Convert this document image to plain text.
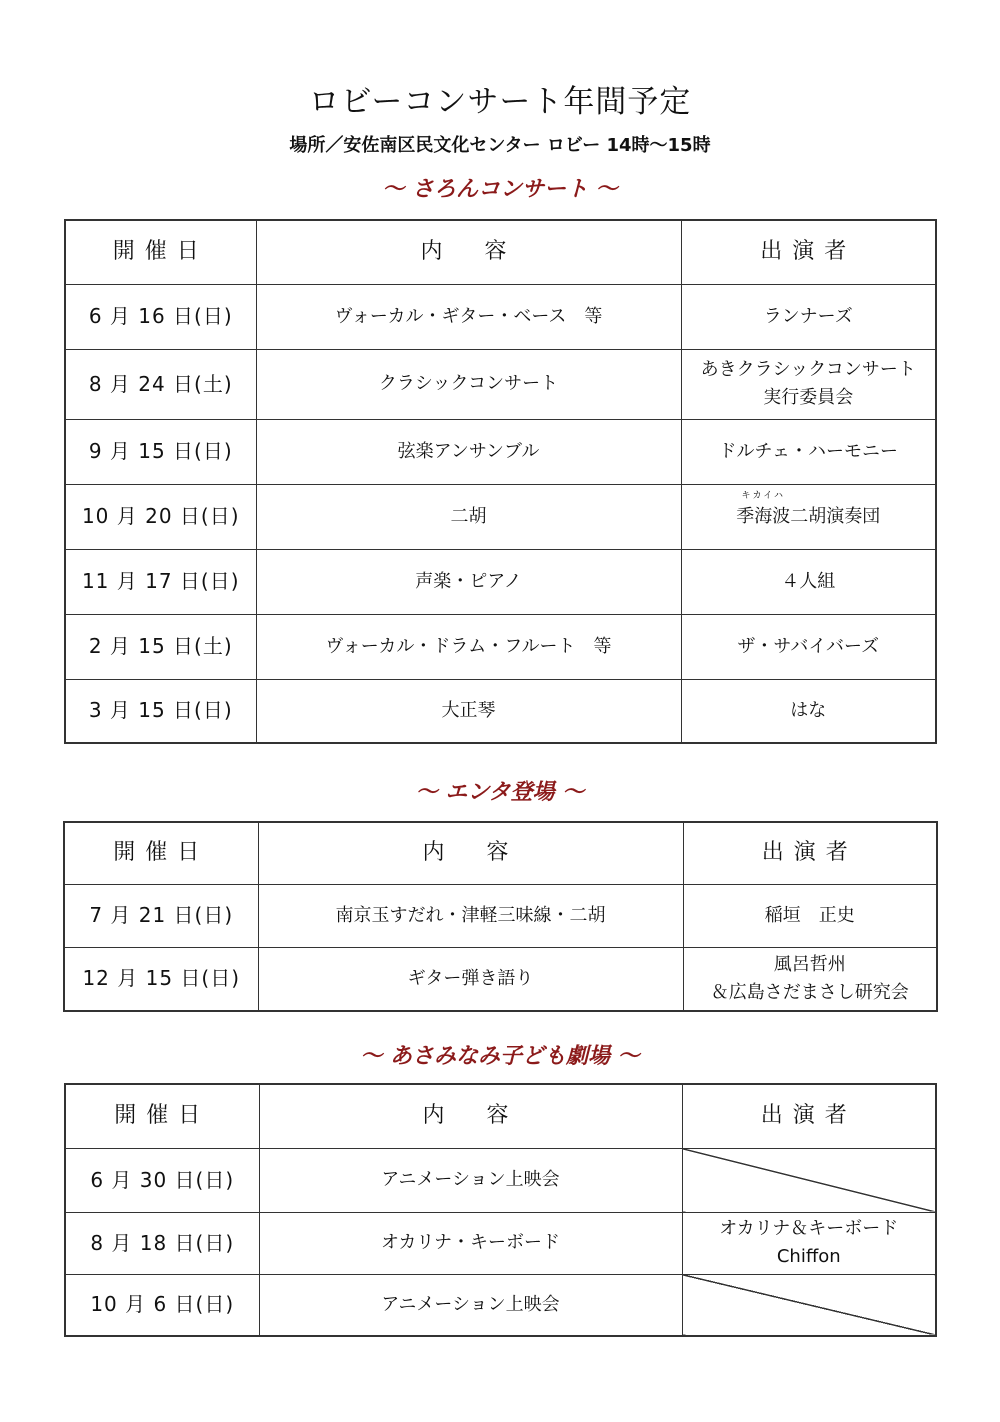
ロビーコンサート年間予定
場所／安佐南区民文化センター ロビー 14時～15時
～ さろんコンサート ～
開催日	内　容	出演者
6 月 16 日(日)	ヴォーカル・ギター・ベース　等	ランナーズ

8 月 24 日(土)	クラシックコンサート	あきクラシックコンサート
実行委員会

9 月 15 日(日)	弦楽アンサンブル	ドルチェ・ハーモニー

10 月 20 日(日)	二胡	キカイハ
季海波二胡演奏団
11 月 17 日(日)	声楽・ピアノ	４人組

2 月 15 日(土)	ヴォーカル・ドラム・フルート　等	ザ・サバイバーズ

3 月 15 日(日)	大正琴	はな
～ エンタ登場 ～
開催日	内　容	出演者
7 月 21 日(日)	南京玉すだれ・津軽三味線・二胡	稲垣　正史

12 月 15 日(日)	ギター弾き語り	風呂哲州
＆広島さだまさし研究会
～ あさみなみ子ども劇場 ～
開催日	内　容	出演者
6 月 30 日(日)	アニメーション上映会	
8 月 18 日(日)	オカリナ・キーボード	オカリナ＆キーボード
Chiffon

10 月 6 日(日)	アニメーション上映会	
